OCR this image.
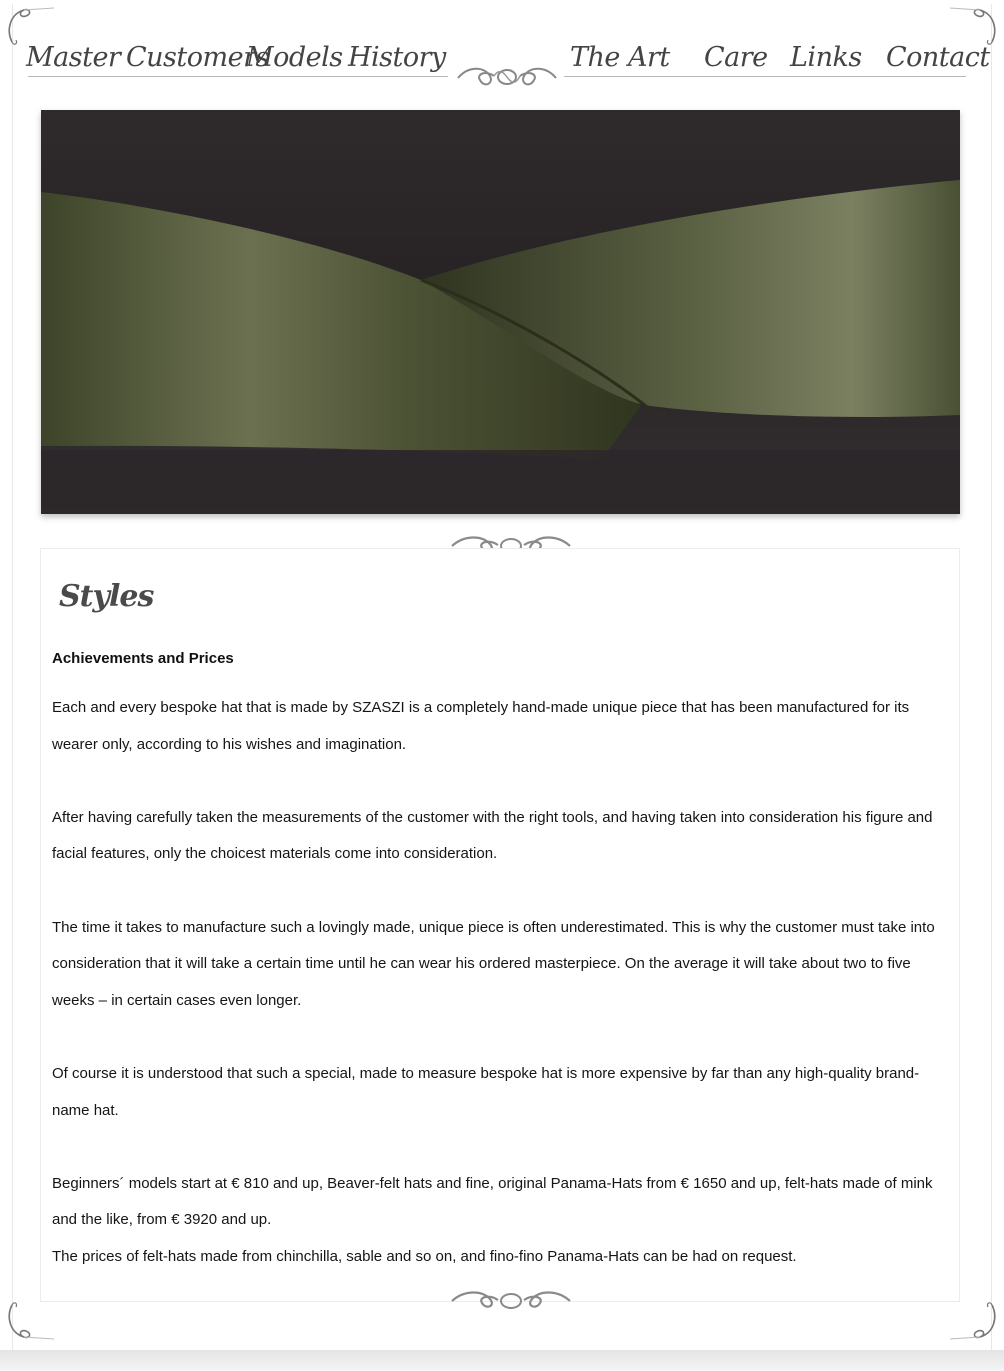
Master Customers
Models History	The Art Care Links Contact
Styles
Achievements and Prices

Each and every bespoke hat that is made by SZASZI is a completely hand-made unique piece that has been manufactured for its wearer only, according to his wishes and imagination.

After having carefully taken the measurements of the customer with the right tools, and having taken into consideration his figure and facial features, only the choicest materials come into consideration.

The time it takes to manufacture such a lovingly made, unique piece is often underestimated. This is why the customer must take into consideration that it will take a certain time until he can wear his ordered masterpiece. On the average it will take about two to five weeks – in certain cases even longer.

Of course it is understood that such a special, made to measure bespoke hat is more expensive by far than any high-quality brand-name hat.

Beginners´ models start at € 810 and up, Beaver-felt hats and fine, original Panama-Hats from € 1650 and up, felt-hats made of mink and the like, from € 3920 and up.

The prices of felt-hats made from chinchilla, sable and so on, and fino-fino Panama-Hats can be had on request.
